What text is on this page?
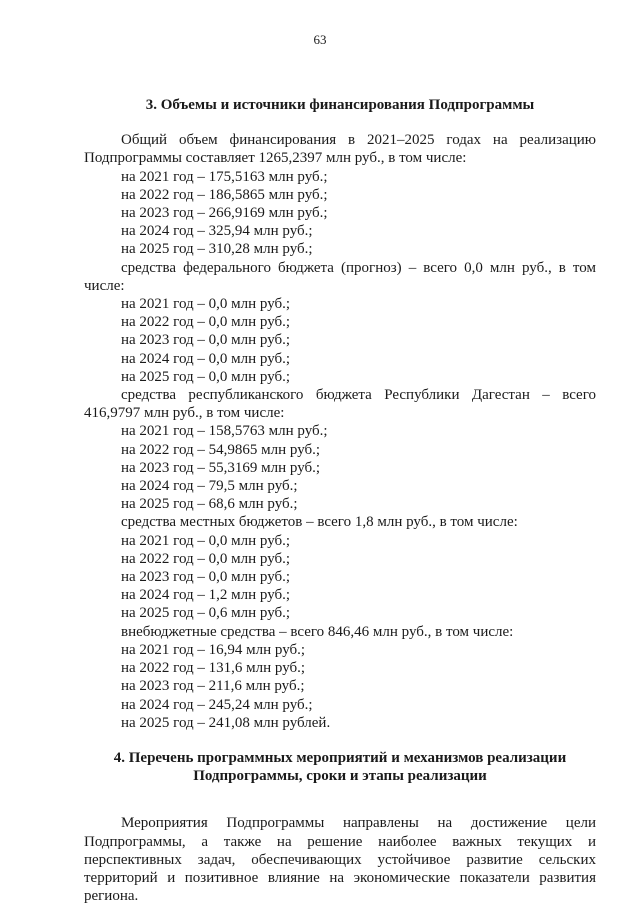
63

3. Объемы и источники финансирования Подпрограммы

Общий объем финансирования в 2021–2025 годах на реализацию Подпрограммы составляет 1265,2397 млн руб., в том числе:

на 2021 год – 175,5163 млн руб.;

на 2022 год – 186,5865 млн руб.;

на 2023 год – 266,9169 млн руб.;

на 2024 год – 325,94 млн руб.;

на 2025 год – 310,28 млн руб.;

средства федерального бюджета (прогноз) – всего 0,0 млн руб., в том числе:

на 2021 год – 0,0 млн руб.;

на 2022 год – 0,0 млн руб.;

на 2023 год – 0,0 млн руб.;

на 2024 год – 0,0 млн руб.;

на 2025 год – 0,0 млн руб.;

средства республиканского бюджета Республики Дагестан – всего 416,9797 млн руб., в том числе:

на 2021 год – 158,5763 млн руб.;

на 2022 год – 54,9865 млн руб.;

на 2023 год – 55,3169 млн руб.;

на 2024 год – 79,5 млн руб.;

на 2025 год – 68,6 млн руб.;

средства местных бюджетов – всего 1,8 млн руб., в том числе:

на 2021 год – 0,0 млн руб.;

на 2022 год – 0,0 млн руб.;

на 2023 год – 0,0 млн руб.;

на 2024 год – 1,2 млн руб.;

на 2025 год – 0,6 млн руб.;

внебюджетные средства – всего 846,46 млн руб., в том числе:

на 2021 год – 16,94 млн руб.;

на 2022 год – 131,6 млн руб.;

на 2023 год – 211,6 млн руб.;

на 2024 год – 245,24 млн руб.;

на 2025 год – 241,08 млн рублей.

4. Перечень программных мероприятий и механизмов реализации
Подпрограммы, сроки и этапы реализации

Мероприятия Подпрограммы направлены на достижение цели Подпрограммы, а также на решение наиболее важных текущих и перспективных задач, обеспечивающих устойчивое развитие сельских территорий и позитивное влияние на экономические показатели развития региона.
